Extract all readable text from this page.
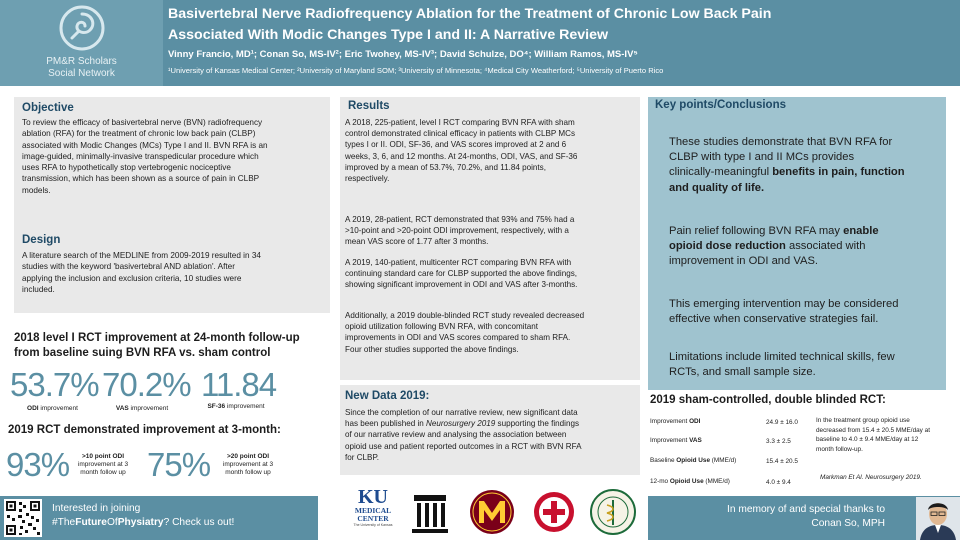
PM&R Scholars
Social Network
Basivertebral Nerve Radiofrequency Ablation for the Treatment of Chronic Low Back Pain
Associated With Modic Changes Type I and II: A Narrative Review
Vinny Francio, MD¹; Conan So, MS-IV²; Eric Twohey, MS-IV³; David Schulze, DO⁴; William Ramos, MS-IV⁵
¹University of Kansas Medical Center; ²University of Maryland SOM; ³University of Minnesota; ⁴Medical City Weatherford; ⁵University of Puerto Rico
Objective
To review the efficacy of basivertebral nerve (BVN) radiofrequency
ablation (RFA) for the treatment of chronic low back pain (CLBP)
associated with Modic Changes (MCs) Type I and II. BVN RFA is an
image-guided, minimally-invasive transpedicular procedure which
uses RFA to hypothetically stop vertebrogenic nociceptive
transmission, which has been shown as a source of pain in CLBP
models.
Design
A literature search of the MEDLINE from 2009-2019 resulted in 34
studies with the keyword 'basivertebral AND ablation'. After
applying the inclusion and exclusion criteria, 10 studies were
included.
2018 level I RCT improvement at 24-month follow-up
from baseline suing BVN RFA vs. sham control
53.7%
ODI improvement
70.2%
VAS improvement
11.84
SF-36 improvement
2019 RCT demonstrated improvement at 3-month:
93%	>10 point ODI
improvement at 3
month follow up 75%	>20 point ODI
improvement at 3
month follow up
Results
A 2018, 225-patient, level I RCT comparing BVN RFA with sham
control demonstrated clinical efficacy in patients with CLBP MCs
types I or II. ODI, SF-36, and VAS scores improved at 2 and 6
weeks, 3, 6, and 12 months. At 24-months, ODI, VAS, and SF-36
improved by a mean of 53.7%, 70.2%, and 11.84 points,
respectively.
A 2019, 28-patient, RCT demonstrated that 93% and 75% had a
>10-point and >20-point ODI improvement, respectively, with a
mean VAS score of 1.77 after 3 months.
A 2019, 140-patient, multicenter RCT comparing BVN RFA with
continuing standard care for CLBP supported the above findings,
showing significant improvement in ODI and VAS after 3-months.
Additionally, a 2019 double-blinded RCT study revealed decreased
opioid utilization following BVN RFA, with concomitant
improvements in ODI and VAS scores compared to sham RFA.
Four other studies supported the above findings.
New Data 2019:
Since the completion of our narrative review, new significant data
has been published in Neurosurgery 2019 supporting the findings
of our narrative review and analysing the association between
opioid use and patient reported outcomes in a RCT with BVN RFA
for CLBP.
Key points/Conclusions
These studies demonstrate that BVN RFA for
CLBP with type I and II MCs provides
clinically-meaningful benefits in pain, function
and quality of life.
Pain relief following BVN RFA may enable
opioid dose reduction associated with
improvement in ODI and VAS.
This emerging intervention may be considered
effective when conservative strategies fail.
Limitations include limited technical skills, few
RCTs, and small sample size.
2019 sham-controlled, double blinded RCT:
Improvement ODI	24.9 ± 16.0
Improvement VAS	3.3 ± 2.5
Baseline Opioid Use (MME/d)	15.4 ± 20.5
12-mo Opioid Use (MME/d)	4.0 ± 9.4
In the treatment group opioid use
decreased from 15.4 ± 20.5 MME/day at
baseline to 4.0 ± 9.4 MME/day at 12
month follow-up.
Markman Et Al. Neurosurgery 2019.
Interested in joining
#TheFutureOfPhysiatry? Check us out!
KU
MEDICAL
CENTER
The University of Kansas
In memory of and special thanks to
Conan So, MPH
